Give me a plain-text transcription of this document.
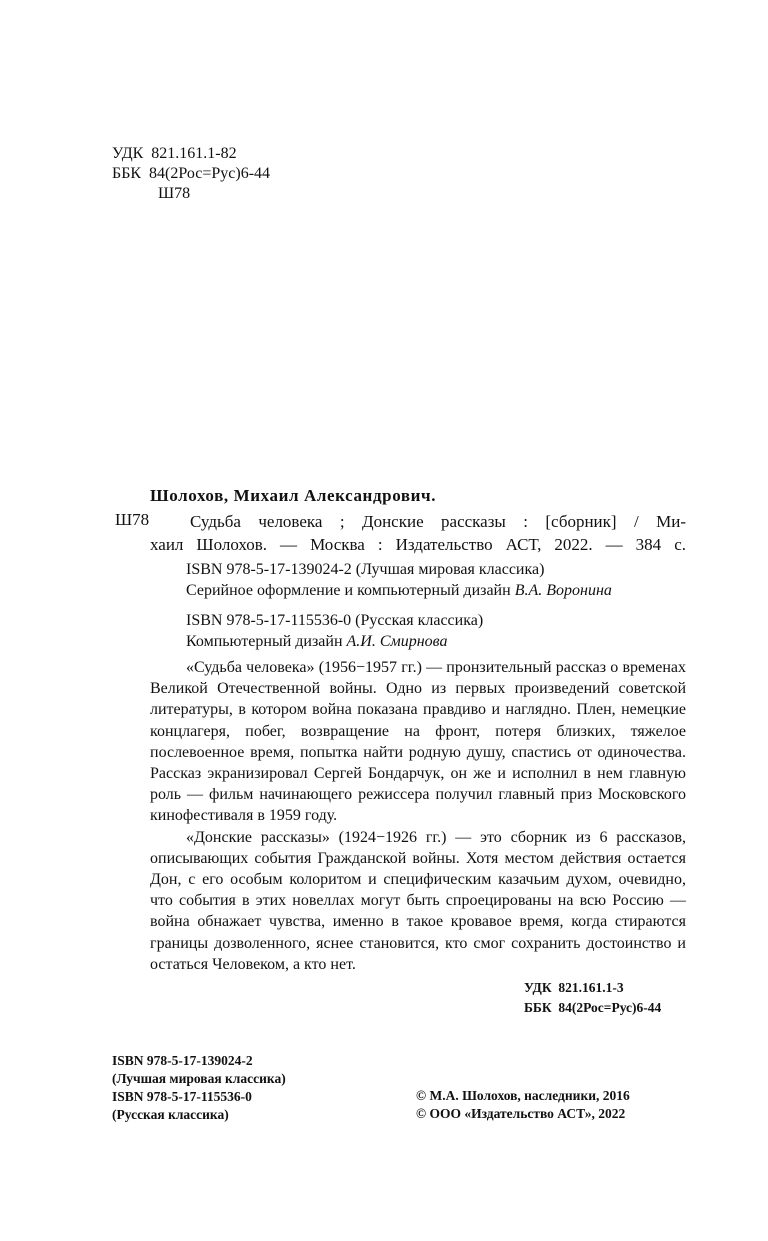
УДК  821.161.1-82
ББК  84(2Рос=Рус)6-44
Ш78
Шолохов, Михаил Александрович.
Ш78 Судьба человека ; Донские рассказы : [сборник] / Ми-
хаил Шолохов. — Москва : Издательство АСТ, 2022. — 384 с.
ISBN 978-5-17-139024-2 (Лучшая мировая классика)
Серийное оформление и компьютерный дизайн В.А. Воронина
ISBN 978-5-17-115536-0 (Русская классика)
Компьютерный дизайн А.И. Смирнова

«Судьба человека» (1956−1957 гг.) — пронзительный рассказ о временах Великой Отечественной войны. Одно из первых произведений советской литературы, в котором война показана правдиво и наглядно. Плен, немецкие концлагеря, побег, возвращение на фронт, потеря близких, тяжелое послевоенное время, попытка найти родную душу, спастись от одиночества. Рассказ экранизировал Сергей Бондарчук, он же и исполнил в нем главную роль — фильм начинающего режиссера получил главный приз Московского кинофестиваля в 1959 году.

«Донские рассказы» (1924−1926 гг.) — это сборник из 6 рассказов, описывающих события Гражданской войны. Хотя местом действия остается Дон, с его особым колоритом и специфическим казачьим духом, очевидно, что события в этих новеллах могут быть спроецированы на всю Россию — война обнажает чувства, именно в такое кровавое время, когда стираются границы дозволенного, яснее становится, кто смог сохранить достоинство и остаться Человеком, а кто нет.

УДК  821.161.1-3
ББК  84(2Рос=Рус)6-44
ISBN 978-5-17-139024-2
(Лучшая мировая классика)
ISBN 978-5-17-115536-0
(Русская классика)
© М.А. Шолохов, наследники, 2016
© ООО «Издательство АСТ», 2022
